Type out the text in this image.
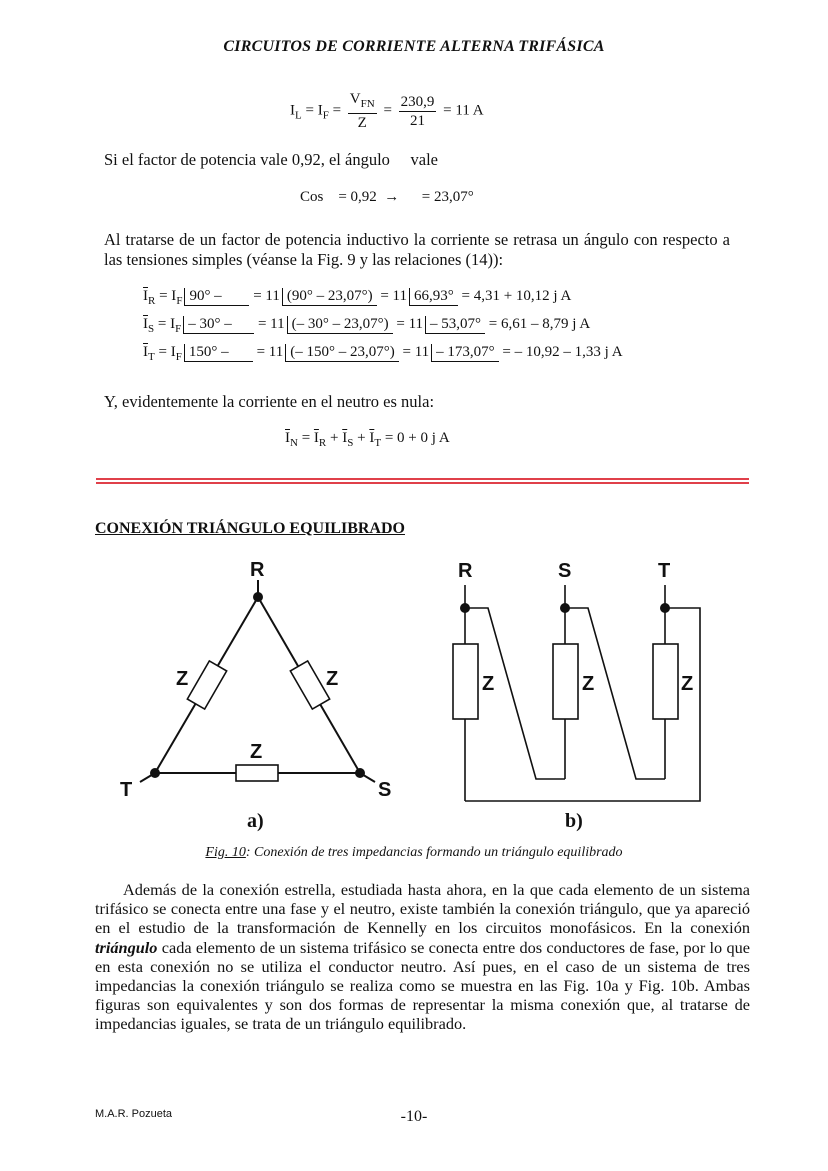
CIRCUITOS DE CORRIENTE ALTERNA TRIFÁSICA
$I_L = I_F = \frac{V_{FN}}{Z} = \frac{230,9}{21} = 11$ A
Si el factor de potencia vale 0,92, el ángulo     vale
Cos    = 0,92  →      = 23,07°
Al tratarse de un factor de potencia inductivo la corriente se retrasa un ángulo con respecto a las tensiones simples (véanse la Fig. 9 y las relaciones (14)):
$\overline{I}_R = I_F$ 90° – = 11 (90° – 23,07°) = 11 66,93° = 4,31 + 10,12 j A
$\overline{I}_S = I_F - 30^\circ$ – = 11 (– 30° – 23,07°) = 11 – 53,07° = 6,61 – 8,79 j A
$\overline{I}_T = I_F$ 150° – = 11 (– 150° – 23,07°) = 11 – 173,07° = – 10,92 – 1,33 j A
Y, evidentemente la corriente en el neutro es nula:
$\overline{I}_N = \overline{I}_R + \overline{I}_S + \overline{I}_T = 0 + 0$ j A
CONEXIÓN TRIÁNGULO EQUILIBRADO
R
S
T
Z	Z
Z
a)
R	S	T
Z	Z	Z
b)
Fig. 10: Conexión de tres impedancias formando un triángulo equilibrado
Además de la conexión estrella, estudiada hasta ahora, en la que cada elemento de un sistema trifásico se conecta entre una fase y el neutro, existe también la conexión triángulo, que ya apareció en el estudio de la transformación de Kennelly en los circuitos monofásicos. En la conexión triángulo cada elemento de un sistema trifásico se conecta entre dos conductores de fase, por lo que en esta conexión no se utiliza el conductor neutro. Así pues, en el caso de un sistema de tres impedancias la conexión triángulo se realiza como se muestra en las Fig. 10a y Fig. 10b. Ambas figuras son equivalentes y son dos formas de representar la misma conexión que, al tratarse de impedancias iguales, se trata de un triángulo equilibrado.
M.A.R. Pozueta	-10-
